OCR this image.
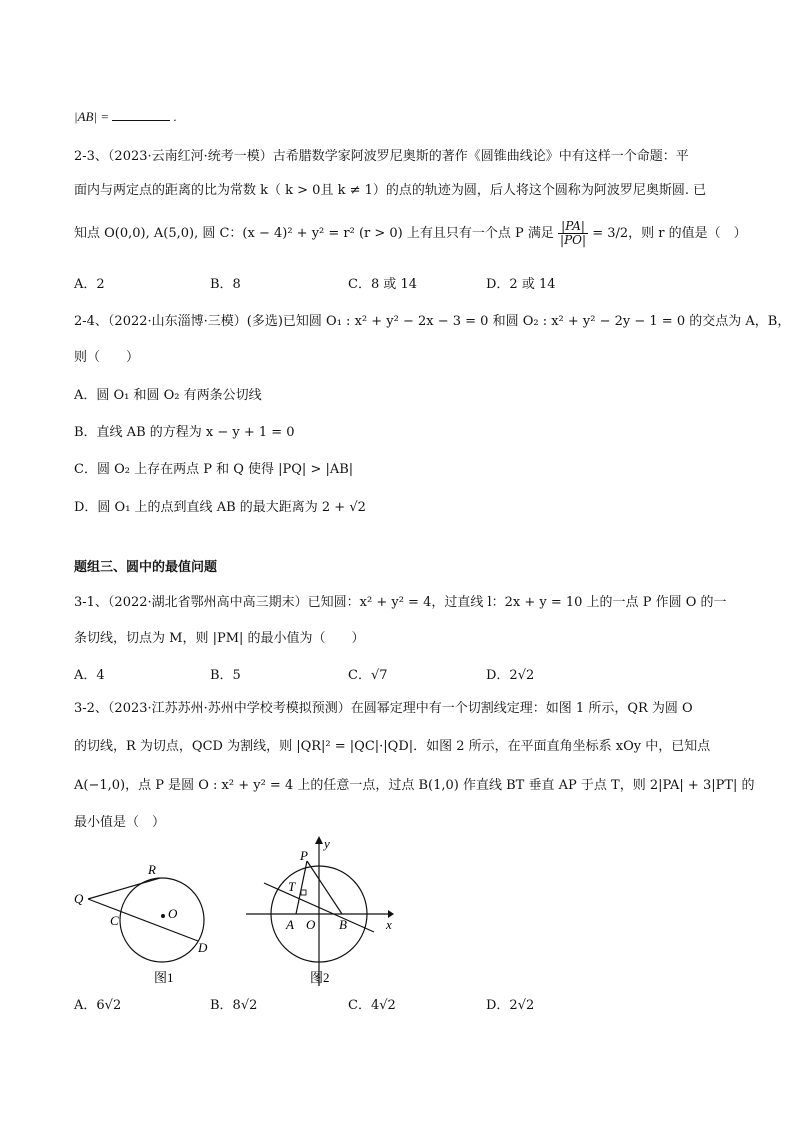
|AB| =	.
2-3、（2023·云南红河·统考一模）古希腊数学家阿波罗尼奥斯的著作《圆锥曲线论》中有这样一个命题：平
面内与两定点的距离的比为常数 k（ k > 0且 k ≠ 1）的点的轨迹为圆，后人将这个圆称为阿波罗尼奥斯圆. 已
知点 O(0,0), A(5,0), 圆 C：(x − 4)² + y² = r² (r > 0) 上有且只有一个点 P 满足 $\frac{|PA|}{|PO|} = 3/2$，则 r 的值是（　）
A．2	B．8	C．8 或 14	D．2 或 14
2-4、（2022·山东淄博·三模）(多选)已知圆 O₁ : x² + y² − 2x − 3 = 0 和圆 O₂ : x² + y² − 2y − 1 = 0 的交点为 A，B，
则（　　）
A．圆 O₁ 和圆 O₂ 有两条公切线
B．直线 AB 的方程为 x − y + 1 = 0
C．圆 O₂ 上存在两点 P 和 Q 使得 |PQ| > |AB|
D．圆 O₁ 上的点到直线 AB 的最大距离为 2 + √2
题组三、圆中的最值问题
3-1、（2022·湖北省鄂州高中高三期末）已知圆：x² + y² = 4，过直线 l：2x + y = 10 上的一点 P 作圆 O 的一
条切线，切点为 M，则 |PM| 的最小值为（　　）
A．4	B．5	C．√7	D．2√2
3-2、（2023·江苏苏州·苏州中学校考模拟预测）在圆幂定理中有一个切割线定理：如图 1 所示，QR 为圆 O
的切线，R 为切点，QCD 为割线，则 |QR|² = |QC|·|QD|．如图 2 所示，在平面直角坐标系 xOy 中，已知点
A(−1,0)，点 P 是圆 O : x² + y² = 4 上的任意一点，过点 B(1,0) 作直线 BT 垂直 AP 于点 T，则 2|PA| + 3|PT| 的
最小值是（　）
Q
R
C	O
D
图1
P
T
A O B	x
y
图2
A．6√2	B．8√2	C．4√2	D．2√2
